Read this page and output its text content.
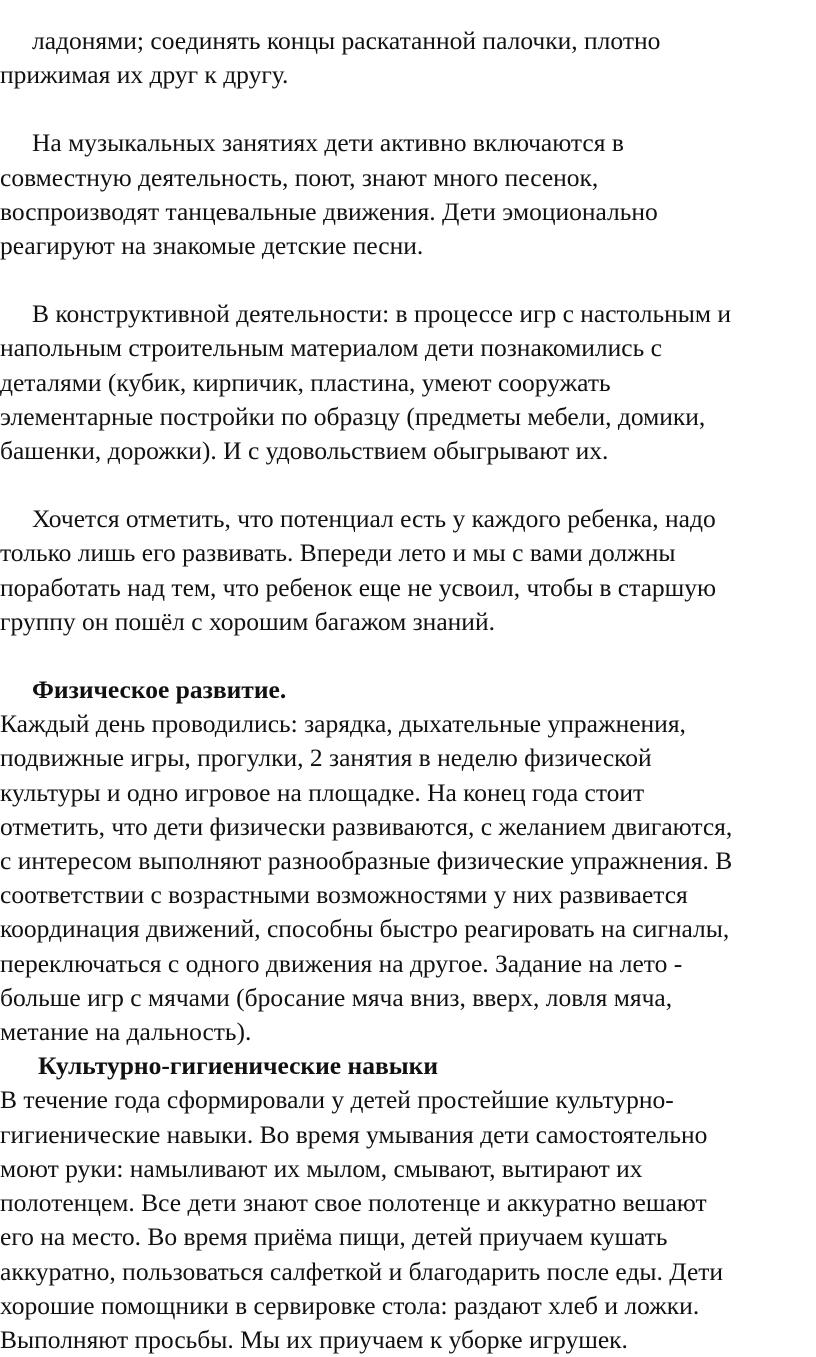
ладонями; соединять концы раскатанной палочки, плотно
прижимая их друг к другу.
На музыкальных занятиях дети активно включаются в
совместную деятельность, поют, знают много песенок,
воспроизводят танцевальные движения. Дети эмоционально
реагируют на знакомые детские песни.
В конструктивной деятельности: в процессе игр с настольным и
напольным строительным материалом дети познакомились с
деталями (кубик, кирпичик, пластина, умеют сооружать
элементарные постройки по образцу (предметы мебели, домики,
башенки, дорожки). И с удовольствием обыгрывают их.
Хочется отметить, что потенциал есть у каждого ребенка, надо
только лишь его развивать. Впереди лето и мы с вами должны
поработать над тем, что ребенок еще не усвоил, чтобы в старшую
группу он пошёл с хорошим багажом знаний.
Физическое развитие.
Каждый день проводились: зарядка, дыхательные упражнения,
подвижные игры, прогулки, 2 занятия в неделю физической
культуры и одно игровое на площадке. На конец года стоит
отметить, что дети физически развиваются, с желанием двигаются,
с интересом выполняют разнообразные физические упражнения. В
соответствии с возрастными возможностями у них развивается
координация движений, способны быстро реагировать на сигналы,
переключаться с одного движения на другое. Задание на лето -
больше игр с мячами (бросание мяча вниз, вверх, ловля мяча,
метание на дальность).
Культурно-гигиенические навыки
В течение года сформировали у детей простейшие культурно-
гигиенические навыки. Во время умывания дети самостоятельно
моют руки: намыливают их мылом, смывают, вытирают их
полотенцем. Все дети знают свое полотенце и аккуратно вешают
его на место. Во время приёма пищи, детей приучаем кушать
аккуратно, пользоваться салфеткой и благодарить после еды. Дети
хорошие помощники в сервировке стола: раздают хлеб и ложки.
Выполняют просьбы. Мы их приучаем к уборке игрушек.
